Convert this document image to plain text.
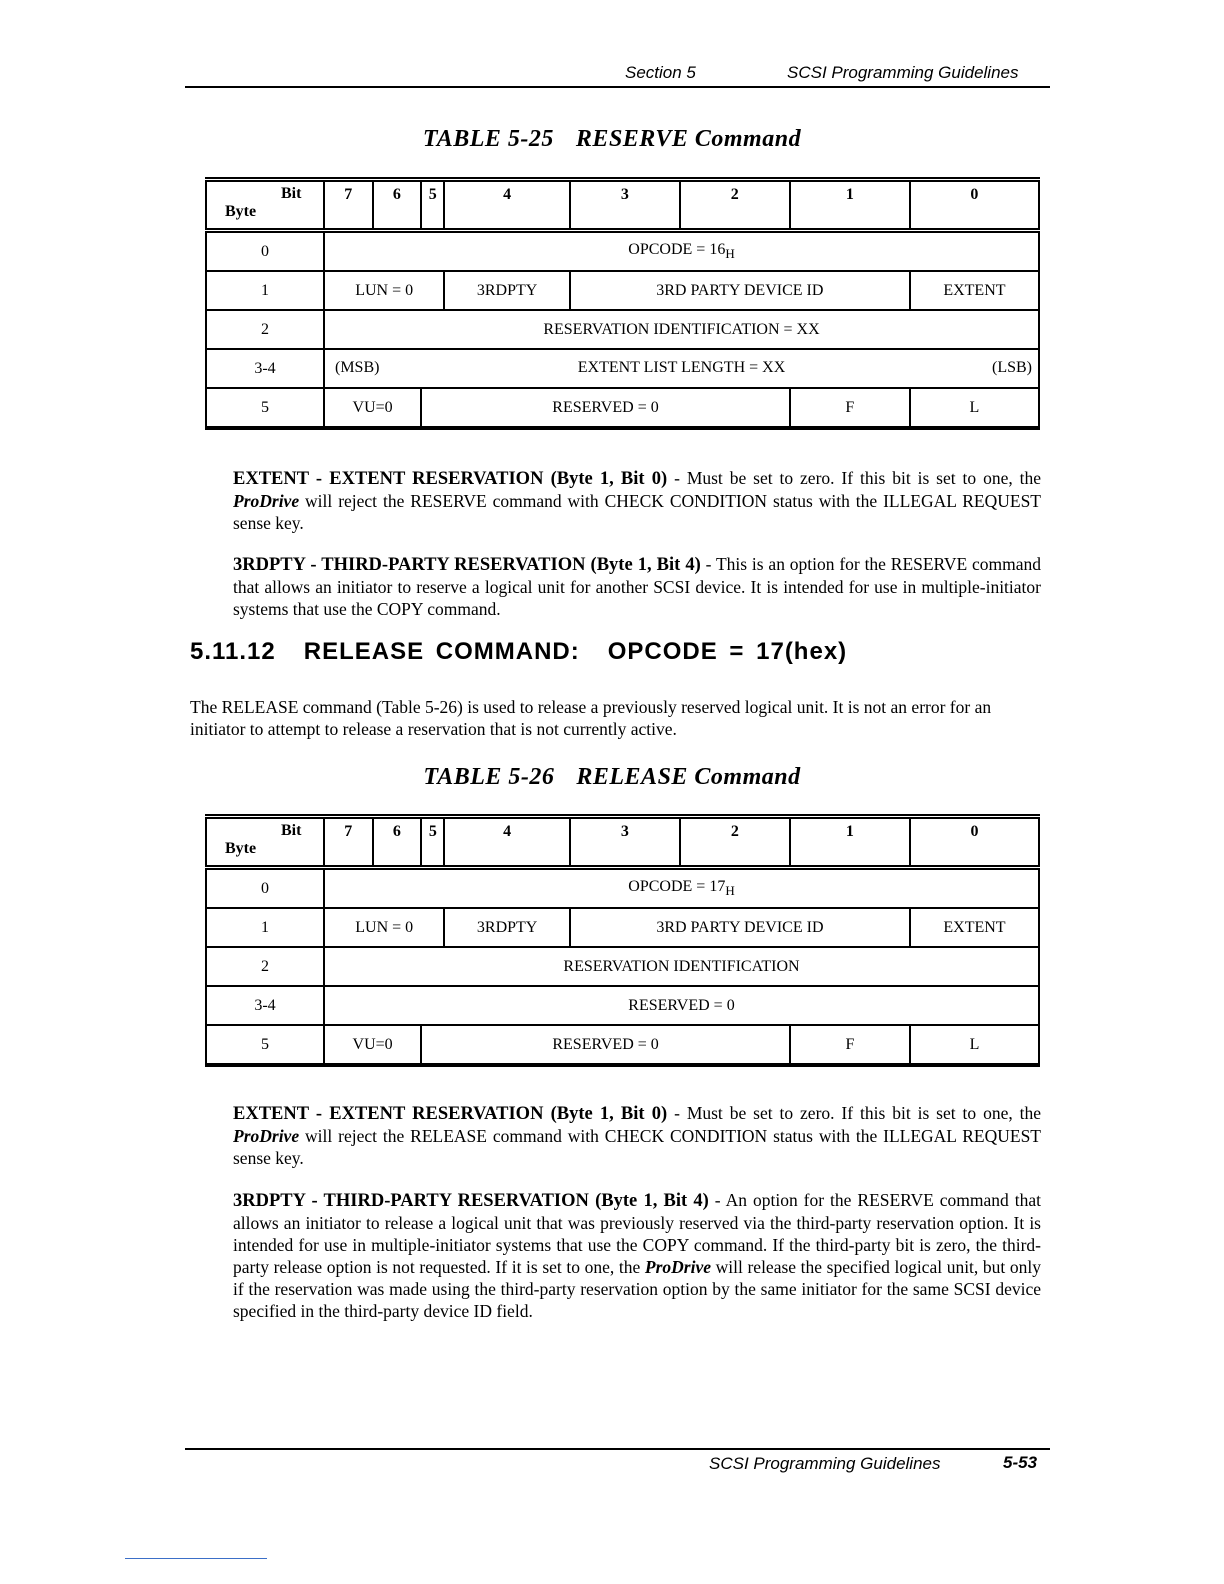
Section 5	SCSI Programming Guidelines
TABLE 5-25 RESERVE Command
Bit
Byte	7	6	5	4	3	2	1	0
0	OPCODE = $16_H$
1	LUN = 0			3RDPTY	3RD PARTY DEVICE ID			EXTENT
2	RESERVATION IDENTIFICATION = XX							
3-4	(MSB) EXTENT LIST LENGTH = XX (LSB)							

5	VU=0		RESERVED = 0				F	L
EXTENT - EXTENT RESERVATION (Byte 1, Bit 0) - Must be set to zero. If this bit is set to one, the ProDrive will reject the RESERVE command with CHECK CONDITION status with the ILLEGAL REQUEST sense key.
3RDPTY - THIRD-PARTY RESERVATION (Byte 1, Bit 4) - This is an option for the RESERVE command that allows an initiator to reserve a logical unit for another SCSI device. It is intended for use in multiple-initiator systems that use the COPY command.
5.11.12 RELEASE COMMAND: OPCODE = 17(hex)
The RELEASE command (Table 5-26) is used to release a previously reserved logical unit. It is not an error for an initiator to attempt to release a reservation that is not currently active.
TABLE 5-26 RELEASE Command
Bit
Byte	7	6	5	4	3	2	1	0
0	OPCODE = $17_H$
1	LUN = 0			3RDPTY	3RD PARTY DEVICE ID			EXTENT
2	RESERVATION IDENTIFICATION							
3-4	RESERVED = 0							
5	VU=0		RESERVED = 0				F	L
EXTENT - EXTENT RESERVATION (Byte 1, Bit 0) - Must be set to zero. If this bit is set to one, the ProDrive will reject the RELEASE command with CHECK CONDITION status with the ILLEGAL REQUEST sense key.
3RDPTY - THIRD-PARTY RESERVATION (Byte 1, Bit 4) - An option for the RESERVE command that allows an initiator to release a logical unit that was previously reserved via the third-party reservation option. It is intended for use in multiple-initiator systems that use the COPY command. If the third-party bit is zero, the third-party release option is not requested. If it is set to one, the ProDrive will release the specified logical unit, but only if the reservation was made using the third-party reservation option by the same initiator for the same SCSI device specified in the third-party device ID field.
SCSI Programming Guidelines	5-53
